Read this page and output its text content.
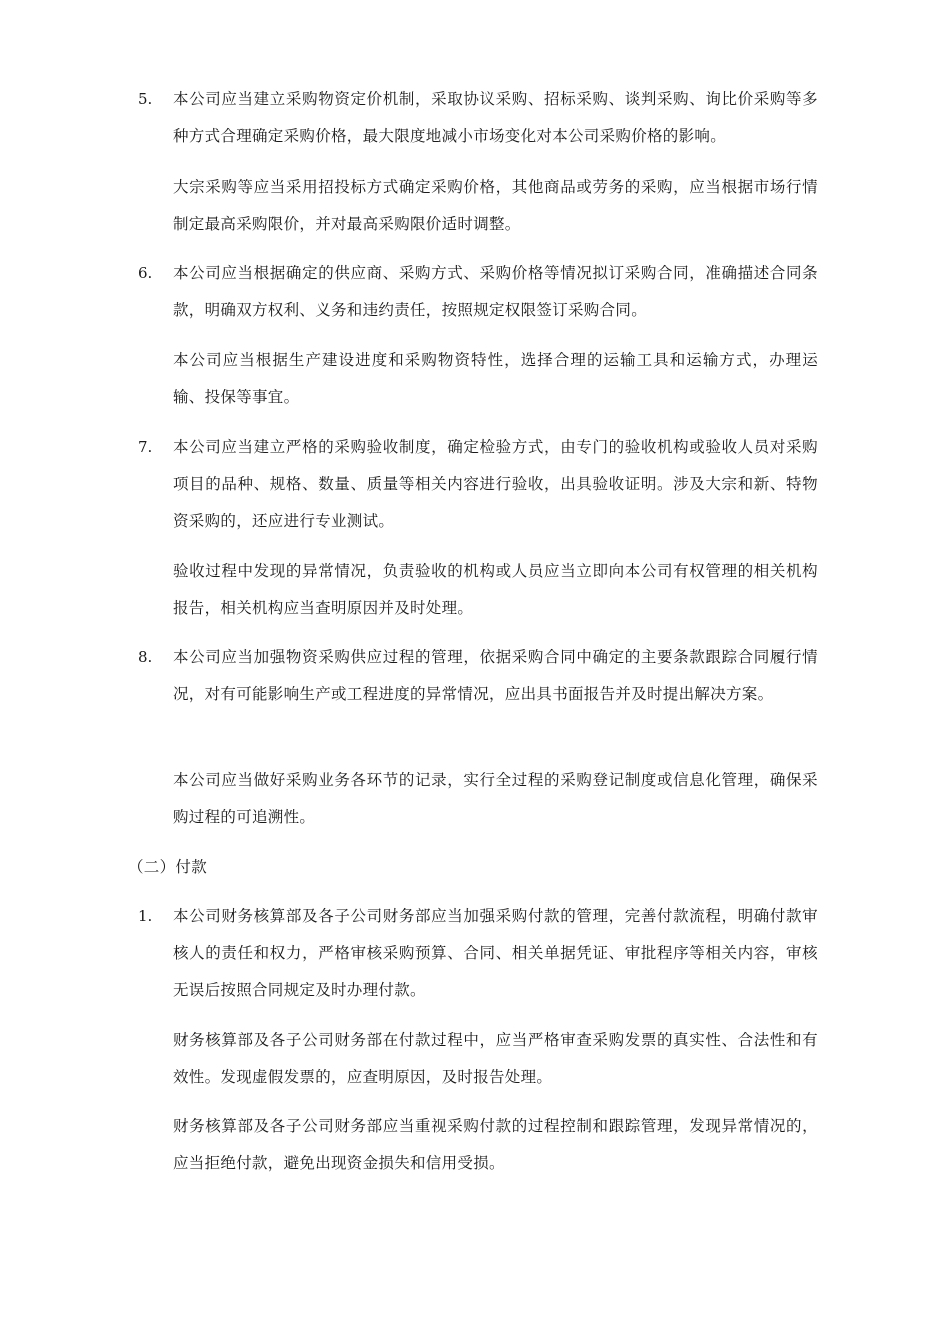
5.	本公司应当建立采购物资定价机制，采取协议采购、招标采购、谈判采购、询比价采购等多种方式合理确定采购价格，最大限度地减小市场变化对本公司采购价格的影响。
大宗采购等应当采用招投标方式确定采购价格，其他商品或劳务的采购，应当根据市场行情制定最高采购限价，并对最高采购限价适时调整。
6.	本公司应当根据确定的供应商、采购方式、采购价格等情况拟订采购合同，准确描述合同条款，明确双方权利、义务和违约责任，按照规定权限签订采购合同。
本公司应当根据生产建设进度和采购物资特性，选择合理的运输工具和运输方式，办理运输、投保等事宜。
7.	本公司应当建立严格的采购验收制度，确定检验方式，由专门的验收机构或验收人员对采购项目的品种、规格、数量、质量等相关内容进行验收，出具验收证明。涉及大宗和新、特物资采购的，还应进行专业测试。
验收过程中发现的异常情况，负责验收的机构或人员应当立即向本公司有权管理的相关机构报告，相关机构应当查明原因并及时处理。
8.	本公司应当加强物资采购供应过程的管理，依据采购合同中确定的主要条款跟踪合同履行情况，对有可能影响生产或工程进度的异常情况，应出具书面报告并及时提出解决方案。
本公司应当做好采购业务各环节的记录，实行全过程的采购登记制度或信息化管理，确保采购过程的可追溯性。
（二）付款
1.	本公司财务核算部及各子公司财务部应当加强采购付款的管理，完善付款流程，明确付款审核人的责任和权力，严格审核采购预算、合同、相关单据凭证、审批程序等相关内容，审核无误后按照合同规定及时办理付款。
财务核算部及各子公司财务部在付款过程中，应当严格审查采购发票的真实性、合法性和有效性。发现虚假发票的，应查明原因，及时报告处理。
财务核算部及各子公司财务部应当重视采购付款的过程控制和跟踪管理，发现异常情况的，应当拒绝付款，避免出现资金损失和信用受损。
